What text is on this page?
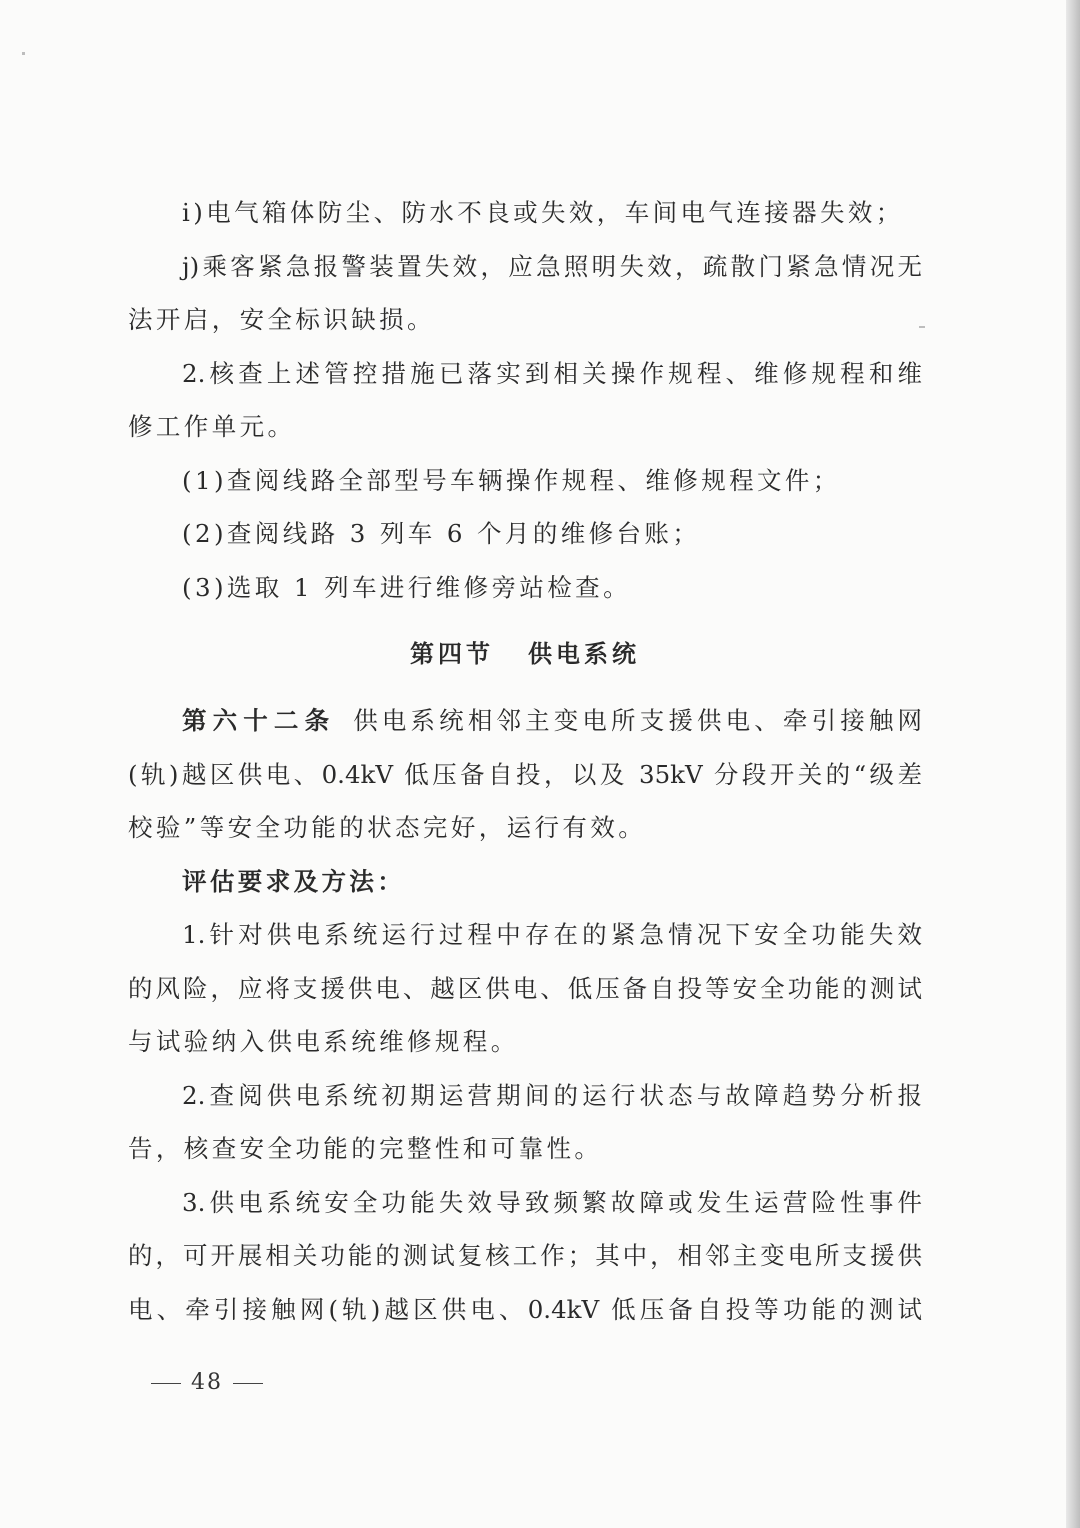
i)电气箱体防尘、防水不良或失效，车间电气连接器失效；
j)乘客紧急报警装置失效，应急照明失效，疏散门紧急情况无
法开启，安全标识缺损。
2.核查上述管控措施已落实到相关操作规程、维修规程和维
修工作单元。
(1)查阅线路全部型号车辆操作规程、维修规程文件；
(2)查阅线路 3 列车 6 个月的维修台账；
(3)选取 1 列车进行维修旁站检查。
第四节 供电系统
第六十二条 供电系统相邻主变电所支援供电、牵引接触网
(轨)越区供电、0.4kV 低压备自投，以及 35kV 分段开关的“级差
校验”等安全功能的状态完好，运行有效。
评估要求及方法：
1.针对供电系统运行过程中存在的紧急情况下安全功能失效
的风险，应将支援供电、越区供电、低压备自投等安全功能的测试
与试验纳入供电系统维修规程。
2.查阅供电系统初期运营期间的运行状态与故障趋势分析报
告，核查安全功能的完整性和可靠性。
3.供电系统安全功能失效导致频繁故障或发生运营险性事件
的，可开展相关功能的测试复核工作；其中，相邻主变电所支援供
电、牵引接触网(轨)越区供电、0.4kV 低压备自投等功能的测试
48
